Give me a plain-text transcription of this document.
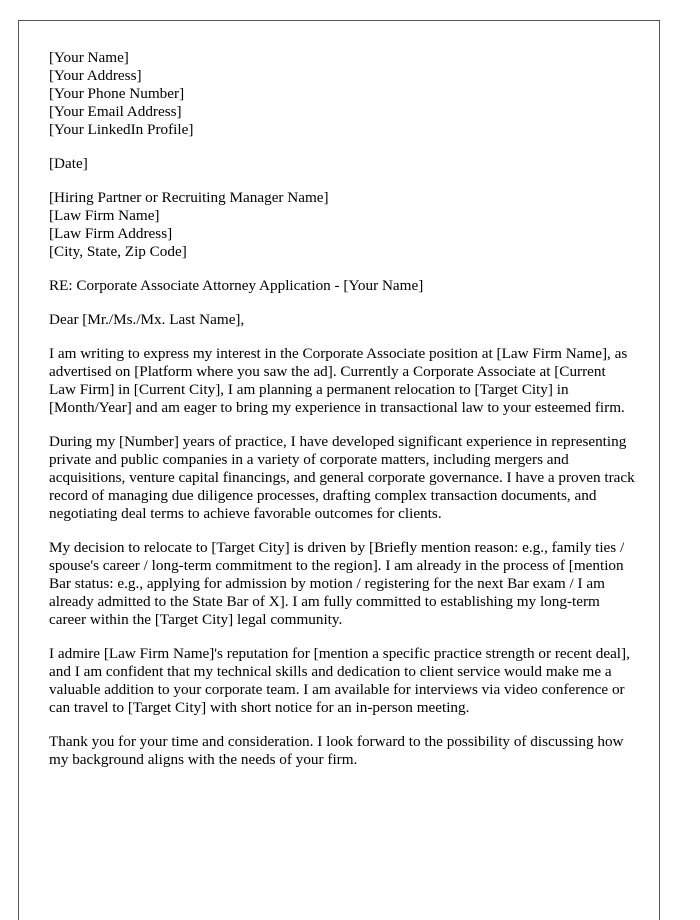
[Your Name]
[Your Address]
[Your Phone Number]
[Your Email Address]
[Your LinkedIn Profile]
[Date]
[Hiring Partner or Recruiting Manager Name]
[Law Firm Name]
[Law Firm Address]
[City, State, Zip Code]
RE: Corporate Associate Attorney Application - [Your Name]
Dear [Mr./Ms./Mx. Last Name],

I am writing to express my interest in the Corporate Associate position at [Law Firm Name], as advertised on [Platform where you saw the ad]. Currently a Corporate Associate at [Current Law Firm] in [Current City], I am planning a permanent relocation to [Target City] in [Month/Year] and am eager to bring my experience in transactional law to your esteemed firm.

During my [Number] years of practice, I have developed significant experience in representing private and public companies in a variety of corporate matters, including mergers and acquisitions, venture capital financings, and general corporate governance. I have a proven track record of managing due diligence processes, drafting complex transaction documents, and negotiating deal terms to achieve favorable outcomes for clients.

My decision to relocate to [Target City] is driven by [Briefly mention reason: e.g., family ties / spouse's career / long-term commitment to the region]. I am already in the process of [mention Bar status: e.g., applying for admission by motion / registering for the next Bar exam / I am already admitted to the State Bar of X]. I am fully committed to establishing my long-term career within the [Target City] legal community.

I admire [Law Firm Name]'s reputation for [mention a specific practice strength or recent deal], and I am confident that my technical skills and dedication to client service would make me a valuable addition to your corporate team. I am available for interviews via video conference or can travel to [Target City] with short notice for an in-person meeting.

Thank you for your time and consideration. I look forward to the possibility of discussing how my background aligns with the needs of your firm.
